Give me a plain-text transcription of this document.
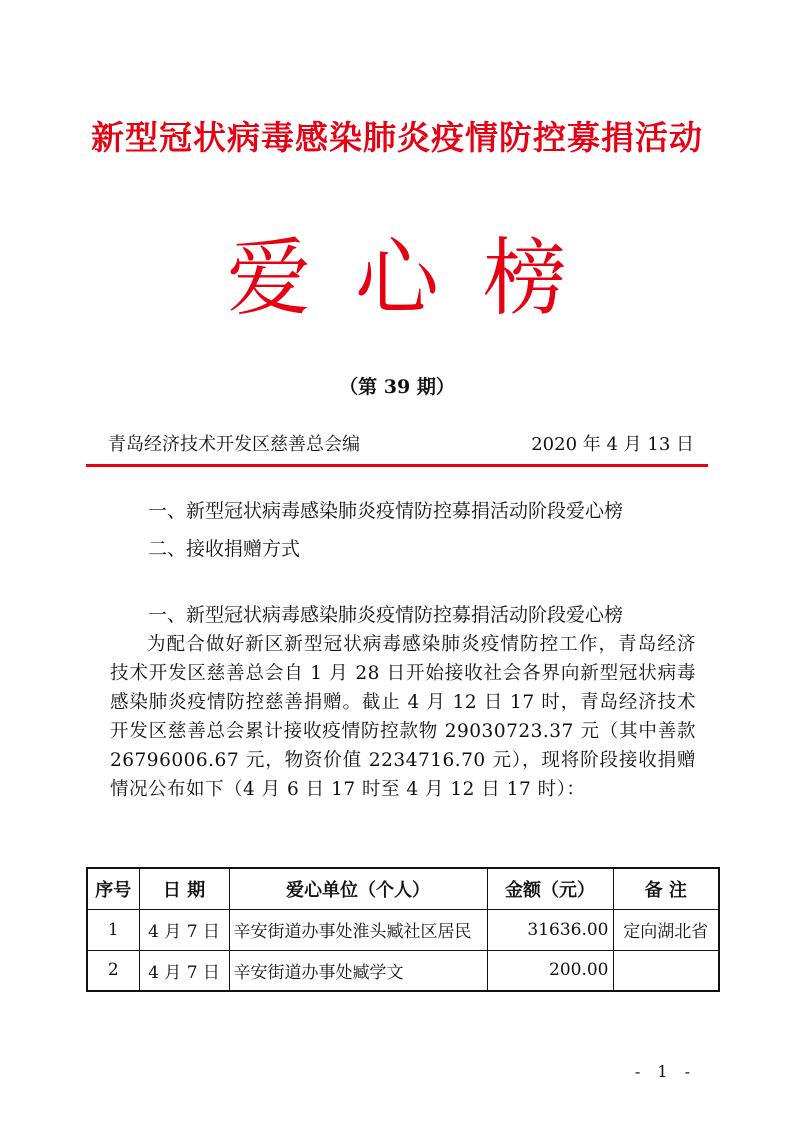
新型冠状病毒感染肺炎疫情防控募捐活动
爱心榜
（第 39 期）
青岛经济技术开发区慈善总会编	2020 年 4 月 13 日
一、新型冠状病毒感染肺炎疫情防控募捐活动阶段爱心榜
二、接收捐赠方式
一、新型冠状病毒感染肺炎疫情防控募捐活动阶段爱心榜
为配合做好新区新型冠状病毒感染肺炎疫情防控工作，青岛经济技术开发区慈善总会自 1 月 28 日开始接收社会各界向新型冠状病毒感染肺炎疫情防控慈善捐赠。截止 4 月 12 日 17 时，青岛经济技术开发区慈善总会累计接收疫情防控款物 29030723.37 元（其中善款 26796006.67 元，物资价值 2234716.70 元），现将阶段接收捐赠情况公布如下（4 月 6 日 17 时至 4 月 12 日 17 时）：
序号	日 期	爱心单位（个人）	金额（元）	备 注
1	4 月 7 日	辛安街道办事处淮头臧社区居民	31636.00	定向湖北省
2	4 月 7 日	辛安街道办事处臧学文	200.00	
- 1 -
